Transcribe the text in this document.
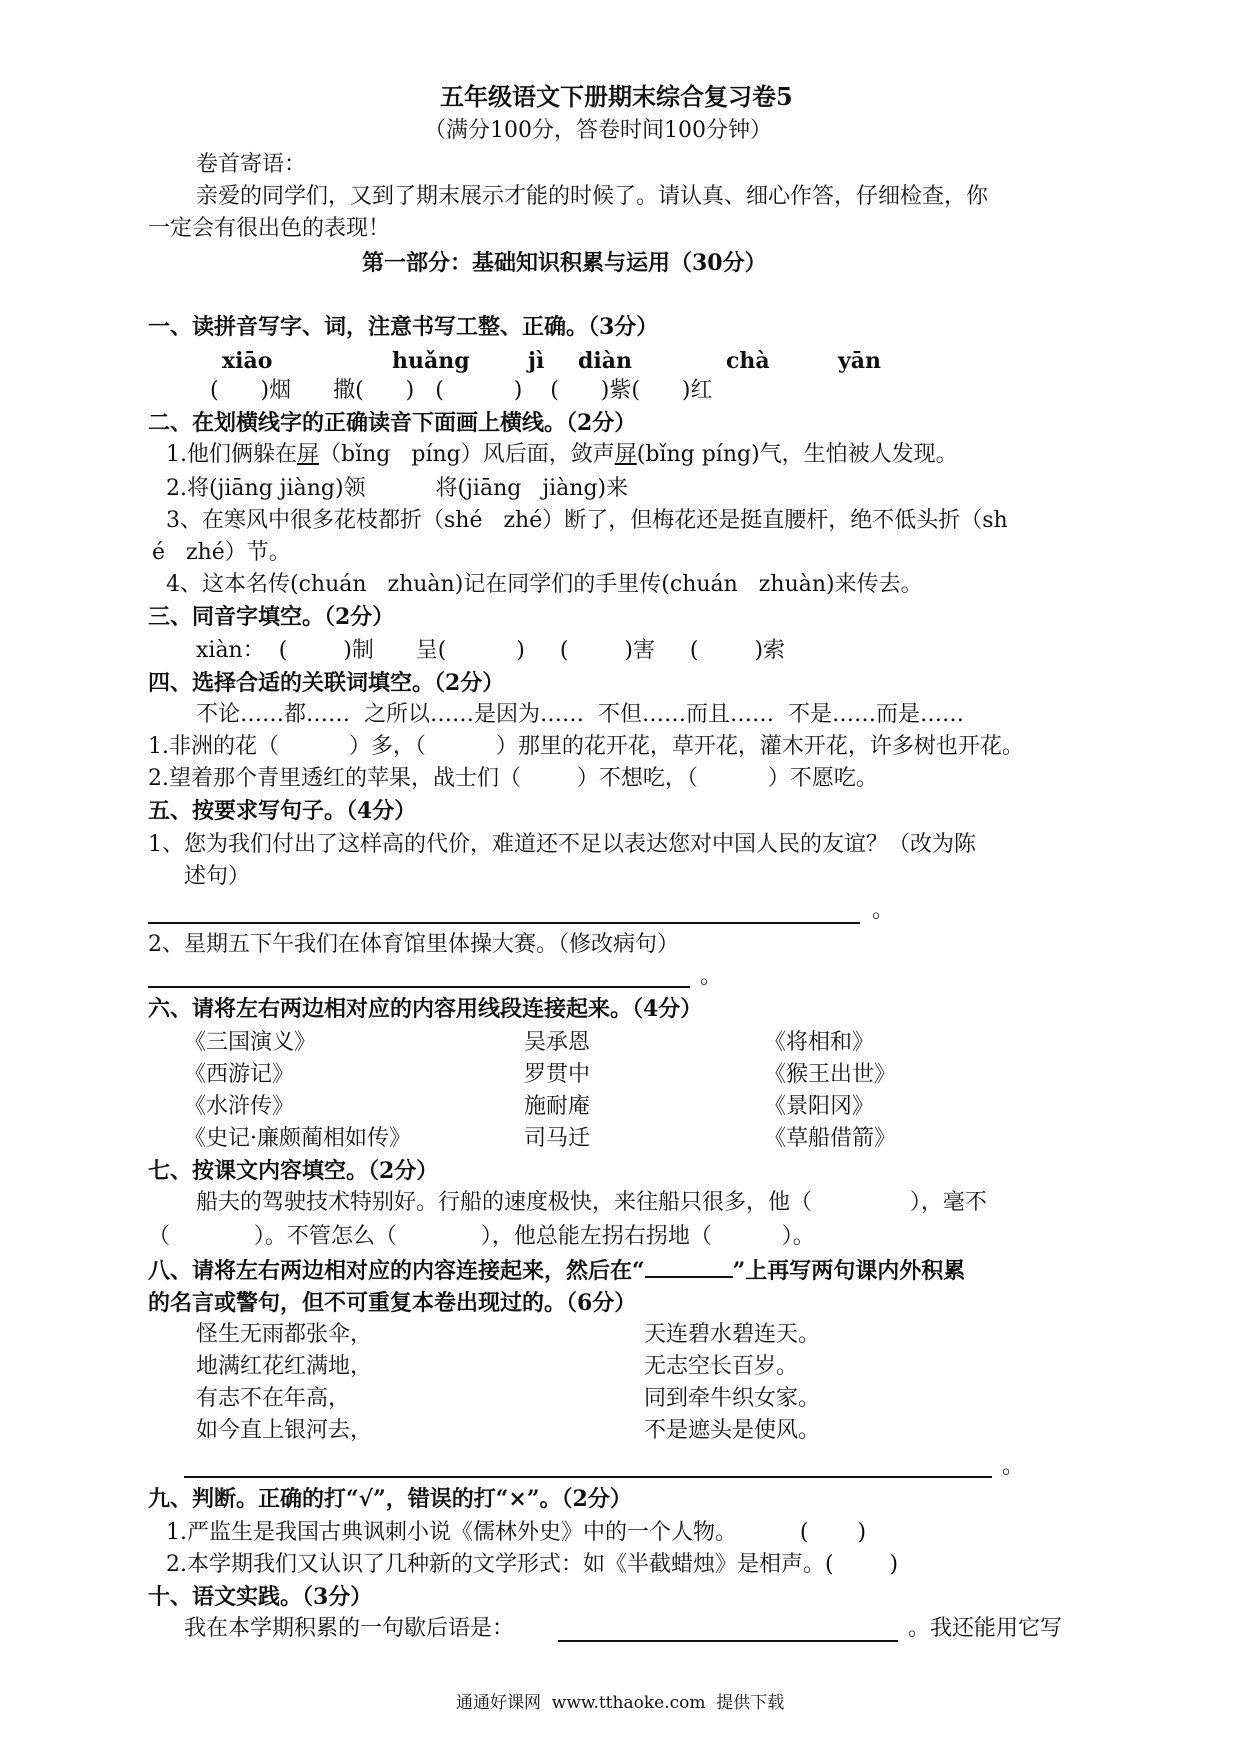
五年级语文下册期末综合复习卷5
（满分100分，答卷时间100分钟）
卷首寄语：
亲爱的同学们，又到了期末展示才能的时候了。请认真、细心作答，仔细检查，你
一定会有很出色的表现！
第一部分：基础知识积累与运用（30分）
一、读拼音写字、词，注意书写工整、正确。（3分）
xiāo	huǎng	jì diàn	chà	yān
(      )烟      撒(      )   (          )    (      )紫(      )红
二、在划横线字的正确读音下面画上横线。（2分）
1.他们俩躲在屏（bǐng   píng）风后面，敛声屏(bǐng píng)气，生怕被人发现。
2.将(jiāng jiàng)领          将(jiāng   jiàng)来
3、在寒风中很多花枝都折（shé   zhé）断了，但梅花还是挺直腰杆，绝不低头折（sh
é   zhé）节。
4、这本名传(chuán   zhuàn)记在同学们的手里传(chuán   zhuàn)来传去。
三、同音字填空。（2分）
xiàn：  (        )制      呈(          )     (        )害     (        )索
四、选择合适的关联词填空。（2分）
不论……都……  之所以……是因为……  不但……而且……  不是……而是……
1.非洲的花（          ）多，（          ）那里的花开花，草开花，灌木开花，许多树也开花。
2.望着那个青里透红的苹果，战士们（        ）不想吃，（          ）不愿吃。
五、按要求写句子。（4分）
1、您为我们付出了这样高的代价，难道还不足以表达您对中国人民的友谊？（改为陈
述句）
。
2、星期五下午我们在体育馆里体操大赛。（修改病句）
。
六、请将左右两边相对应的内容用线段连接起来。（4分）
《三国演义》	吴承恩	《将相和》
《西游记》	罗贯中	《猴王出世》
《水浒传》	施耐庵	《景阳冈》
《史记·廉颇蔺相如传》	司马迁	《草船借箭》
七、按课文内容填空。（2分）
船夫的驾驶技术特别好。行船的速度极快，来往船只很多，他（              ），毫不
（            ）。不管怎么（            ），他总能左拐右拐地（          ）。
八、请将左右两边相对应的内容连接起来，然后在“	”上再写两句课内外积累
的名言或警句，但不可重复本卷出现过的。（6分）
怪生无雨都张伞，	天连碧水碧连天。
地满红花红满地，	无志空长百岁。
有志不在年高，	同到牵牛织女家。
如今直上银河去，	不是遮头是使风。
。
九、判断。正确的打“√”，错误的打“×”。（2分）
1.严监生是我国古典讽刺小说《儒林外史》中的一个人物。         (       )
2.本学期我们又认识了几种新的文学形式：如《半截蜡烛》是相声。(        )
十、语文实践。（3分）
我在本学期积累的一句歇后语是：	。我还能用它写
通通好课网  www.tthaoke.com  提供下载
